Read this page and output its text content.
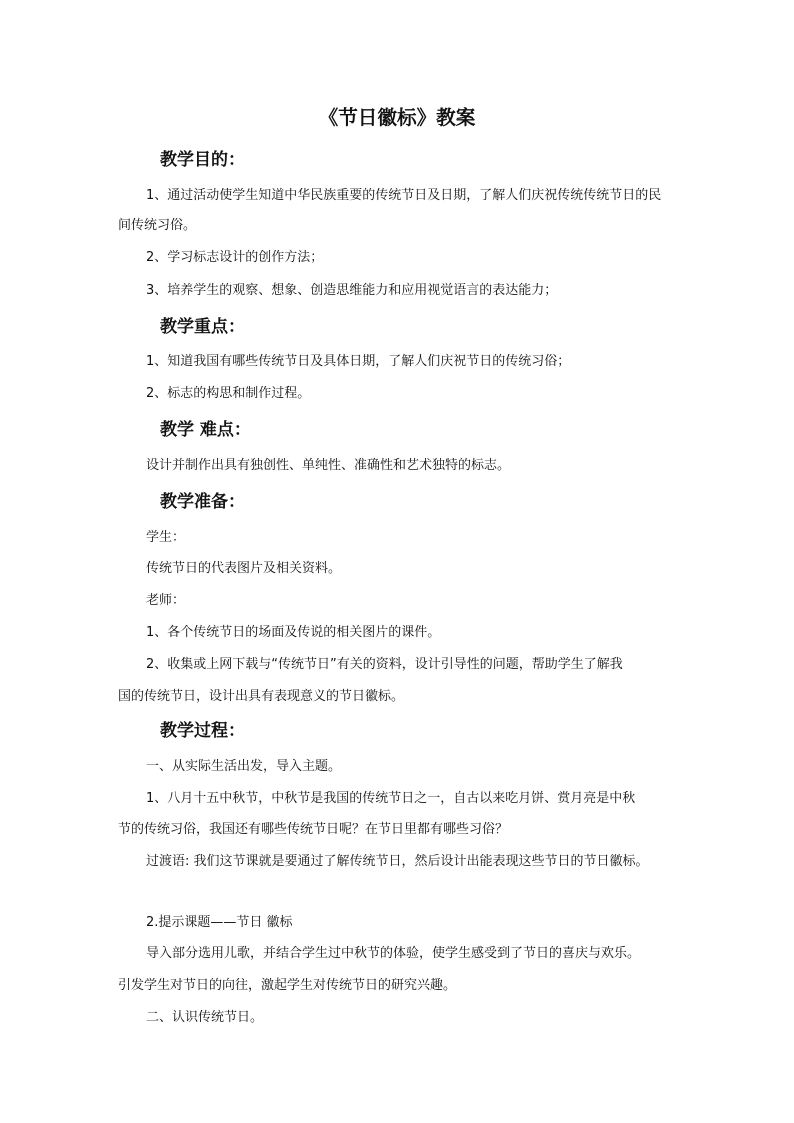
《节日徽标》教案
教学目的：
1、通过活动使学生知道中华民族重要的传统节日及日期，了解人们庆祝传统传统节日的民
间传统习俗。
2、学习标志设计的创作方法；
3、培养学生的观察、想象、创造思维能力和应用视觉语言的表达能力；
教学重点：
1、知道我国有哪些传统节日及具体日期，了解人们庆祝节日的传统习俗；
2、标志的构思和制作过程。
教学 难点：
设计并制作出具有独创性、单纯性、准确性和艺术独特的标志。
教学准备：
学生：
传统节日的代表图片及相关资料。
老师：
1、各个传统节日的场面及传说的相关图片的课件。
2、收集或上网下载与“传统节日”有关的资料，设计引导性的问题，帮助学生了解我
国的传统节日，设计出具有表现意义的节日徽标。
教学过程：
一、从实际生活出发，导入主题。
1、八月十五中秋节，中秋节是我国的传统节日之一，自古以来吃月饼、赏月亮是中秋
节的传统习俗，我国还有哪些传统节日呢？在节日里都有哪些习俗？
过渡语: 我们这节课就是要通过了解传统节日，然后设计出能表现这些节日的节日徽标。
2.提示课题——节日 徽标
导入部分选用儿歌，并结合学生过中秋节的体验，使学生感受到了节日的喜庆与欢乐。
引发学生对节日的向往，激起学生对传统节日的研究兴趣。
二、认识传统节日。
